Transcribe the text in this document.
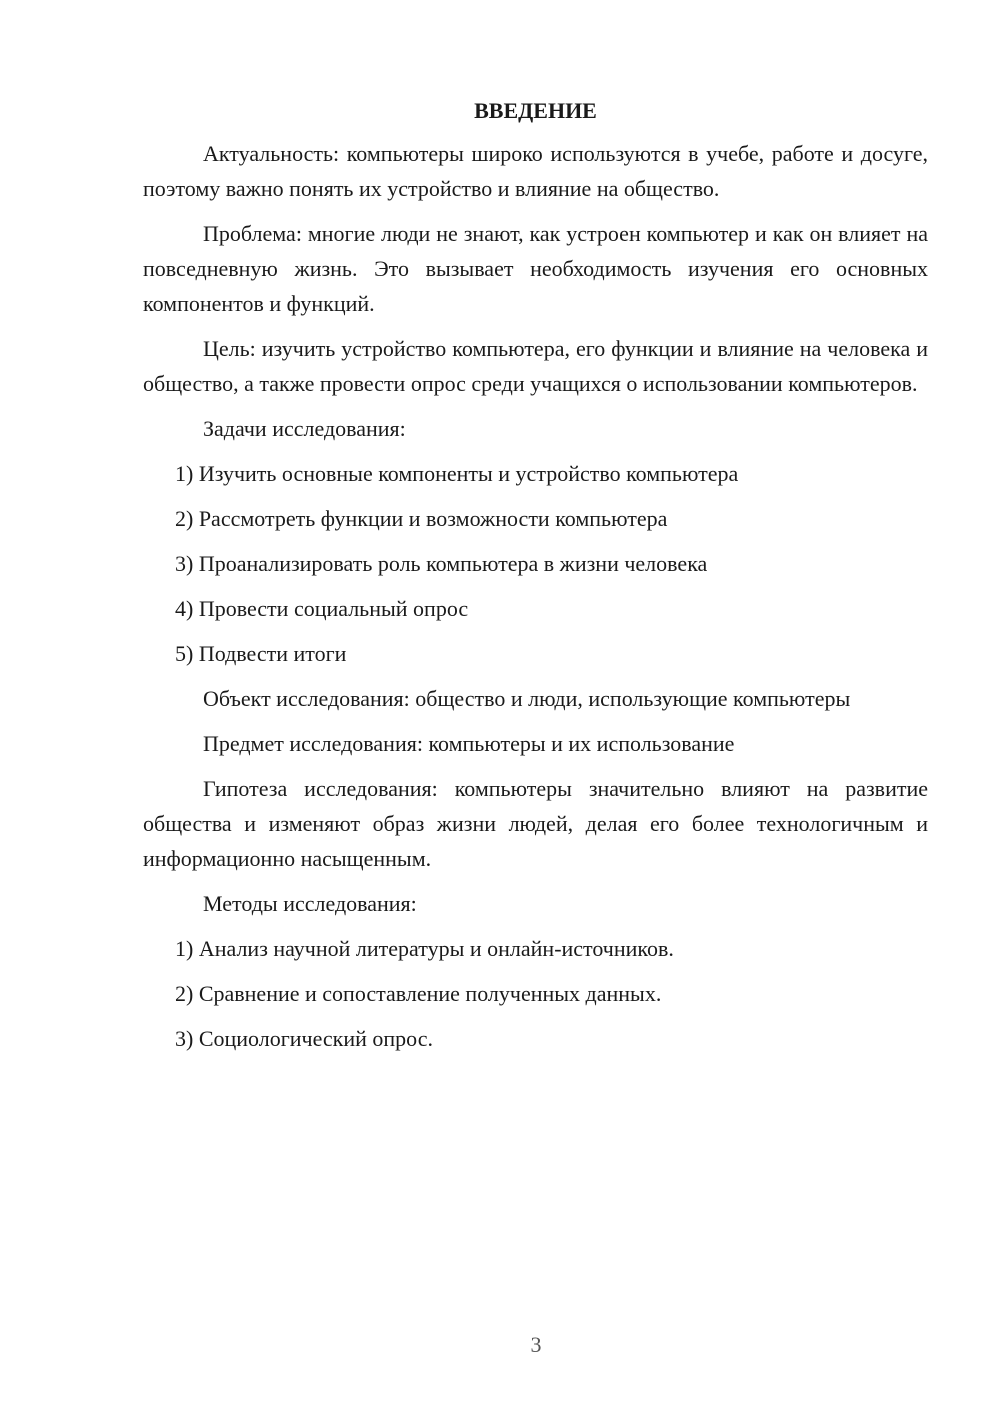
ВВЕДЕНИЕ

Актуальность: компьютеры широко используются в учебе, работе и досуге, поэтому важно понять их устройство и влияние на общество.

Проблема: многие люди не знают, как устроен компьютер и как он влияет на повседневную жизнь. Это вызывает необходимость изучения его основных компонентов и функций.

Цель: изучить устройство компьютера, его функции и влияние на человека и общество, а также провести опрос среди учащихся о использовании компьютеров.

Задачи исследования:

1) Изучить основные компоненты и устройство компьютера
2) Рассмотреть функции и возможности компьютера
3) Проанализировать роль компьютера в жизни человека
4) Провести социальный опрос
5) Подвести итоги

Объект исследования: общество и люди, использующие компьютеры

Предмет исследования: компьютеры и их использование

Гипотеза исследования: компьютеры значительно влияют на развитие общества и изменяют образ жизни людей, делая его более технологичным и информационно насыщенным.

Методы исследования:

1) Анализ научной литературы и онлайн-источников.
2) Сравнение и сопоставление полученных данных.
3) Социологический опрос.
3
